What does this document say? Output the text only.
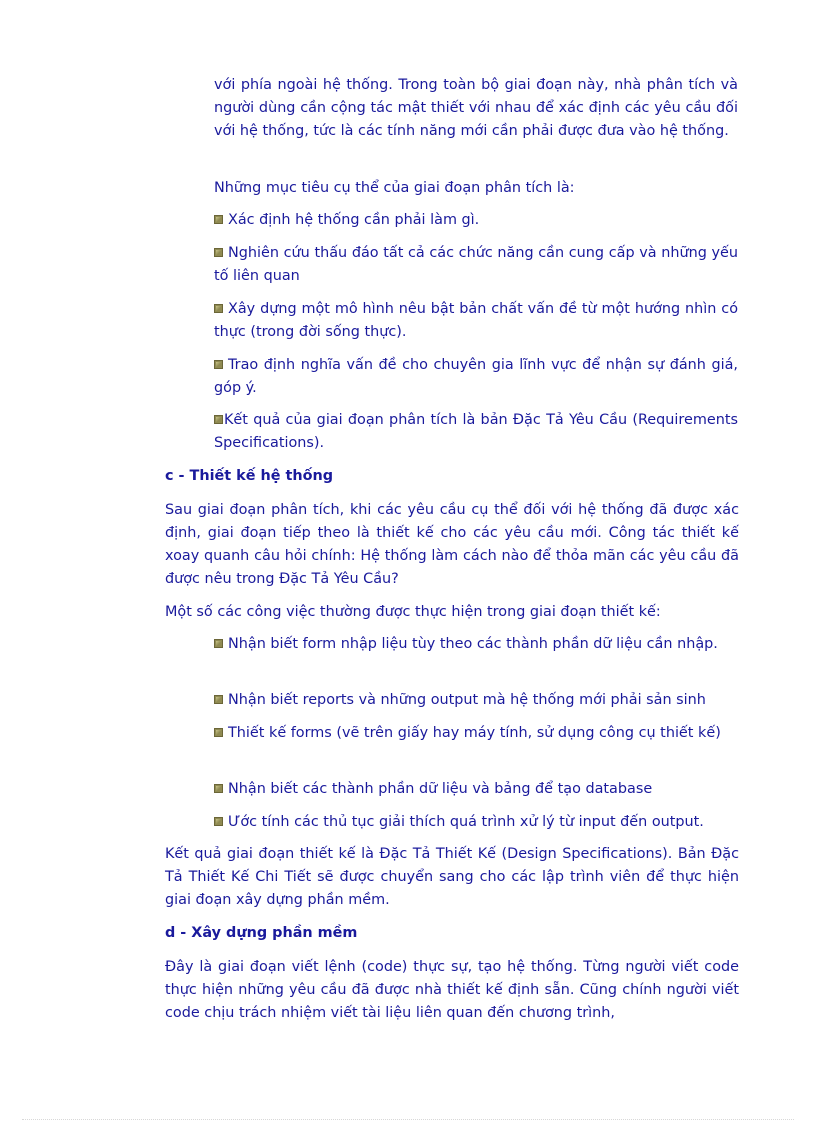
với phía ngoài hệ thống. Trong toàn bộ giai đoạn này, nhà phân tích và người dùng cần cộng tác mật thiết với nhau để xác định các yêu cầu đối với hệ thống, tức là các tính năng mới cần phải được đưa vào hệ thống.

Những mục tiêu cụ thể của giai đoạn phân tích là:

Xác định hệ thống cần phải làm gì.

Nghiên cứu thấu đáo tất cả các chức năng cần cung cấp và những yếu tố liên quan

Xây dựng một mô hình nêu bật bản chất vấn đề từ một hướng nhìn có thực (trong đời sống thực).

Trao định nghĩa vấn đề cho chuyên gia lĩnh vực để nhận sự đánh giá, góp ý.

Kết quả của giai đoạn phân tích là bản Đặc Tả Yêu Cầu (Requirements Specifications).

c - Thiết kế hệ thống

Sau giai đoạn phân tích, khi các yêu cầu cụ thể đối với hệ thống đã được xác định, giai đoạn tiếp theo là thiết kế cho các yêu cầu mới. Công tác thiết kế xoay quanh câu hỏi chính: Hệ thống làm cách nào để thỏa mãn các yêu cầu đã được nêu trong Đặc Tả Yêu Cầu?

Một số các công việc thường được thực hiện trong giai đoạn thiết kế:

Nhận biết form nhập liệu tùy theo các thành phần dữ liệu cần nhập.

Nhận biết reports và những output mà hệ thống mới phải sản sinh

Thiết kế forms (vẽ trên giấy hay máy tính, sử dụng công cụ thiết kế)

Nhận biết các thành phần dữ liệu và bảng để tạo database

Ước tính các thủ tục giải thích quá trình xử lý từ input đến output.

Kết quả giai đoạn thiết kế là Đặc Tả Thiết Kế (Design Specifications). Bản Đặc Tả Thiết Kế Chi Tiết sẽ được chuyển sang cho các lập trình viên để thực hiện giai đoạn xây dựng phần mềm.

d - Xây dựng phần mềm

Đây là giai đoạn viết lệnh (code) thực sự, tạo hệ thống. Từng người viết code thực hiện những yêu cầu đã được nhà thiết kế định sẵn. Cũng chính người viết code chịu trách nhiệm viết tài liệu liên quan đến chương trình,
